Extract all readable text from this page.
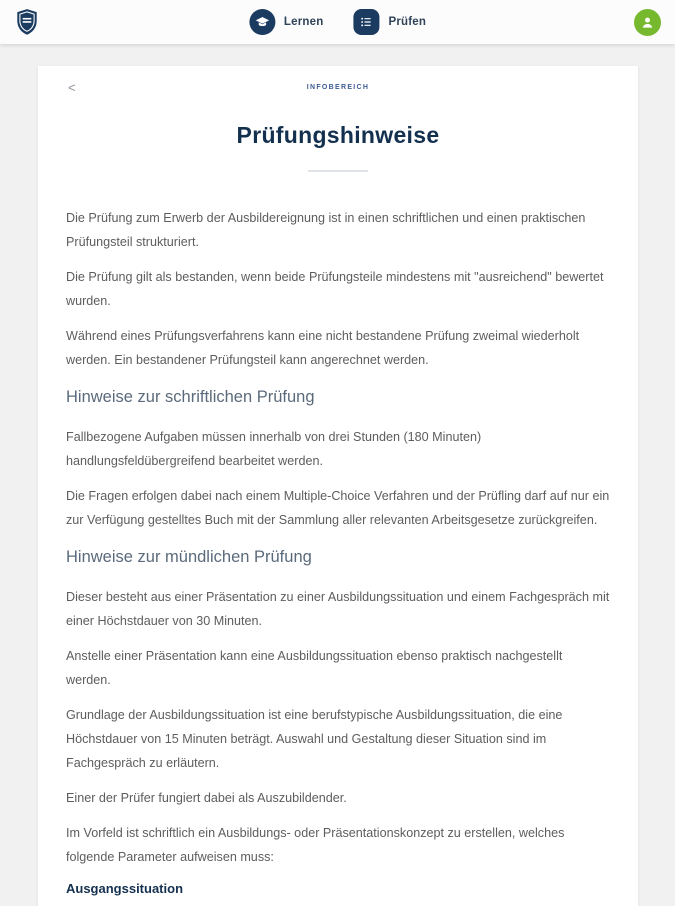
Lernen	Prüfen
<	INFOBEREICH
Prüfungshinweise

Die Prüfung zum Erwerb der Ausbildereignung ist in einen schriftlichen und einen praktischen Prüfungsteil strukturiert.

Die Prüfung gilt als bestanden, wenn beide Prüfungsteile mindestens mit "ausreichend" bewertet wurden.

Während eines Prüfungsverfahrens kann eine nicht bestandene Prüfung zweimal wiederholt werden. Ein bestandener Prüfungsteil kann angerechnet werden.

Hinweise zur schriftlichen Prüfung

Fallbezogene Aufgaben müssen innerhalb von drei Stunden (180 Minuten) handlungsfeldübergreifend bearbeitet werden.

Die Fragen erfolgen dabei nach einem Multiple-Choice Verfahren und der Prüfling darf auf nur ein zur Verfügung gestelltes Buch mit der Sammlung aller relevanten Arbeitsgesetze zurückgreifen.

Hinweise zur mündlichen Prüfung

Dieser besteht aus einer Präsentation zu einer Ausbildungssituation und einem Fachgespräch mit einer Höchstdauer von 30 Minuten.

Anstelle einer Präsentation kann eine Ausbildungssituation ebenso praktisch nachgestellt werden.

Grundlage der Ausbildungssituation ist eine berufstypische Ausbildungssituation, die eine Höchstdauer von 15 Minuten beträgt. Auswahl und Gestaltung dieser Situation sind im Fachgespräch zu erläutern.

Einer der Prüfer fungiert dabei als Auszubildender.

Im Vorfeld ist schriftlich ein Ausbildungs- oder Präsentationskonzept zu erstellen, welches folgende Parameter aufweisen muss:

Ausgangssituation
